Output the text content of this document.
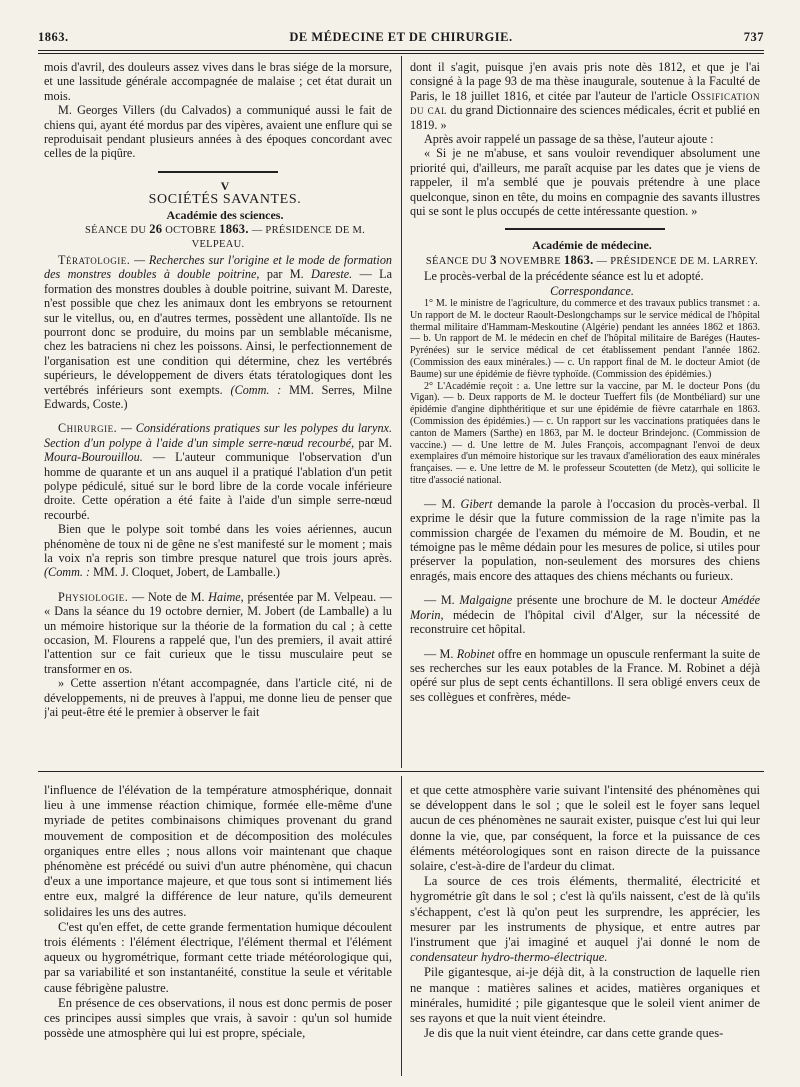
1863.	DE MÉDECINE ET DE CHIRURGIE.	737

mois d'avril, des douleurs assez vives dans le bras siége de la morsure, et une lassitude générale accompagnée de malaise ; cet état durait un mois.

M. Georges Villers (du Calvados) a communiqué aussi le fait de chiens qui, ayant été mordus par des vipères, avaient une enflure qui se reproduisait pendant plusieurs années à des époques concordant avec celles de la piqûre.

V

SOCIÉTÉS SAVANTES.

Académie des sciences.

SÉANCE DU 26 OCTOBRE 1863. — PRÉSIDENCE DE M. VELPEAU.

Tératologie. — Recherches sur l'origine et le mode de formation des monstres doubles à double poitrine, par M. Dareste. — La formation des monstres doubles à double poitrine, suivant M. Dareste, n'est possible que chez les animaux dont les embryons se retournent sur le vitellus, ou, en d'autres termes, possèdent une allantoïde. Ils ne pourront donc se produire, du moins par un semblable mécanisme, chez les batraciens ni chez les poissons. Ainsi, le perfectionnement de l'organisation est une condition qui détermine, chez les vertébrés supérieurs, le développement de divers états tératologiques dont les vertébrés inférieurs sont exempts. (Comm. : MM. Serres, Milne Edwards, Coste.)

Chirurgie. — Considérations pratiques sur les polypes du larynx. Section d'un polype à l'aide d'un simple serre-nœud recourbé, par M. Moura-Bourouillou. — L'auteur communique l'observation d'un homme de quarante et un ans auquel il a pratiqué l'ablation d'un petit polype pédiculé, situé sur le bord libre de la corde vocale inférieure droite. Cette opération a été faite à l'aide d'un simple serre-nœud recourbé.

Bien que le polype soit tombé dans les voies aériennes, aucun phénomène de toux ni de gêne ne s'est manifesté sur le moment ; mais la voix n'a repris son timbre presque naturel que trois jours après. (Comm. : MM. J. Cloquet, Jobert, de Lamballe.)

Physiologie. — Note de M. Haime, présentée par M. Velpeau. — « Dans la séance du 19 octobre dernier, M. Jobert (de Lamballe) a lu un mémoire historique sur la théorie de la formation du cal ; à cette occasion, M. Flourens a rappelé que, l'un des premiers, il avait attiré l'attention sur ce fait curieux que le tissu musculaire peut se transformer en os.

» Cette assertion n'étant accompagnée, dans l'article cité, ni de développements, ni de preuves à l'appui, me donne lieu de penser que j'ai peut-être été le premier à observer le fait

dont il s'agit, puisque j'en avais pris note dès 1812, et que je l'ai consigné à la page 93 de ma thèse inaugurale, soutenue à la Faculté de Paris, le 18 juillet 1816, et citée par l'auteur de l'article Ossification du cal du grand Dictionnaire des sciences médicales, écrit et publié en 1819. »

Après avoir rappelé un passage de sa thèse, l'auteur ajoute :

« Si je ne m'abuse, et sans vouloir revendiquer absolument une priorité qui, d'ailleurs, me paraît acquise par les dates que je viens de rappeler, il m'a semblé que je pouvais prétendre à une place quelconque, sinon en tête, du moins en compagnie des savants illustres qui se sont le plus occupés de cette intéressante question. »

Académie de médecine.

SÉANCE DU 3 NOVEMBRE 1863. — PRÉSIDENCE DE M. LARREY.

Le procès-verbal de la précédente séance est lu et adopté.

Correspondance.

1° M. le ministre de l'agriculture, du commerce et des travaux publics transmet : a. Un rapport de M. le docteur Raoult-Deslongchamps sur le service médical de l'hôpital thermal militaire d'Hammam-Meskoutine (Algérie) pendant les années 1862 et 1863. — b. Un rapport de M. le médecin en chef de l'hôpital militaire de Baréges (Hautes-Pyrénées) sur le service médical de cet établissement pendant l'année 1862. (Commission des eaux minérales.) — c. Un rapport final de M. le docteur Amiot (de Baume) sur une épidémie de fièvre typhoïde. (Commission des épidémies.)

2° L'Académie reçoit : a. Une lettre sur la vaccine, par M. le docteur Pons (du Vigan). — b. Deux rapports de M. le docteur Tueffert fils (de Montbéliard) sur une épidémie d'angine diphthéritique et sur une épidémie de fièvre catarrhale en 1863. (Commission des épidémies.) — c. Un rapport sur les vaccinations pratiquées dans le canton de Mamers (Sarthe) en 1863, par M. le docteur Brindejonc. (Commission de vaccine.) — d. Une lettre de M. Jules François, accompagnant l'envoi de deux exemplaires d'un mémoire historique sur les travaux d'amélioration des eaux minérales françaises. — e. Une lettre de M. le professeur Scoutetten (de Metz), qui sollicite le titre d'associé national.

— M. Gibert demande la parole à l'occasion du procès-verbal. Il exprime le désir que la future commission de la rage n'imite pas la commission chargée de l'examen du mémoire de M. Boudin, et ne témoigne pas le même dédain pour les mesures de police, si utiles pour préserver la population, non-seulement des morsures des chiens enragés, mais encore des attaques des chiens méchants ou furieux.

— M. Malgaigne présente une brochure de M. le docteur Amédée Morin, médecin de l'hôpital civil d'Alger, sur la nécessité de reconstruire cet hôpital.

— M. Robinet offre en hommage un opuscule renfermant la suite de ses recherches sur les eaux potables de la France. M. Robinet a déjà opéré sur plus de sept cents échantillons. Il sera obligé envers ceux de ses collègues et confrères, méde-

l'influence de l'élévation de la température atmosphérique, donnait lieu à une immense réaction chimique, formée elle-même d'une myriade de petites combinaisons chimiques provenant du grand mouvement de composition et de décomposition des molécules organiques entre elles ; nous allons voir maintenant que chaque phénomène est précédé ou suivi d'un autre phénomène, qui chacun d'eux a une importance majeure, et que tous sont si intimement liés entre eux, malgré la différence de leur nature, qu'ils demeurent solidaires les uns des autres.

C'est qu'en effet, de cette grande fermentation humique découlent trois éléments : l'élément électrique, l'élément thermal et l'élément aqueux ou hygrométrique, formant cette triade météorologique qui, par sa variabilité et son instantanéité, constitue la seule et véritable cause fébrigène palustre.

En présence de ces observations, il nous est donc permis de poser ces principes aussi simples que vrais, à savoir : qu'un sol humide possède une atmosphère qui lui est propre, spéciale,

et que cette atmosphère varie suivant l'intensité des phénomènes qui se développent dans le sol ; que le soleil est le foyer sans lequel aucun de ces phénomènes ne saurait exister, puisque c'est lui qui leur donne la vie, que, par conséquent, la force et la puissance de ces éléments météorologiques sont en raison directe de la puissance solaire, c'est-à-dire de l'ardeur du climat.

La source de ces trois éléments, thermalité, électricité et hygrométrie gît dans le sol ; c'est là qu'ils naissent, c'est de là qu'ils s'échappent, c'est là qu'on peut les surprendre, les apprécier, les mesurer par les instruments de physique, et entre autres par l'instrument que j'ai imaginé et auquel j'ai donné le nom de condensateur hydro-thermo-électrique.

Pile gigantesque, ai-je déjà dit, à la construction de laquelle rien ne manque : matières salines et acides, matières organiques et minérales, humidité ; pile gigantesque que le soleil vient animer de ses rayons et que la nuit vient éteindre.

Je dis que la nuit vient éteindre, car dans cette grande ques-
